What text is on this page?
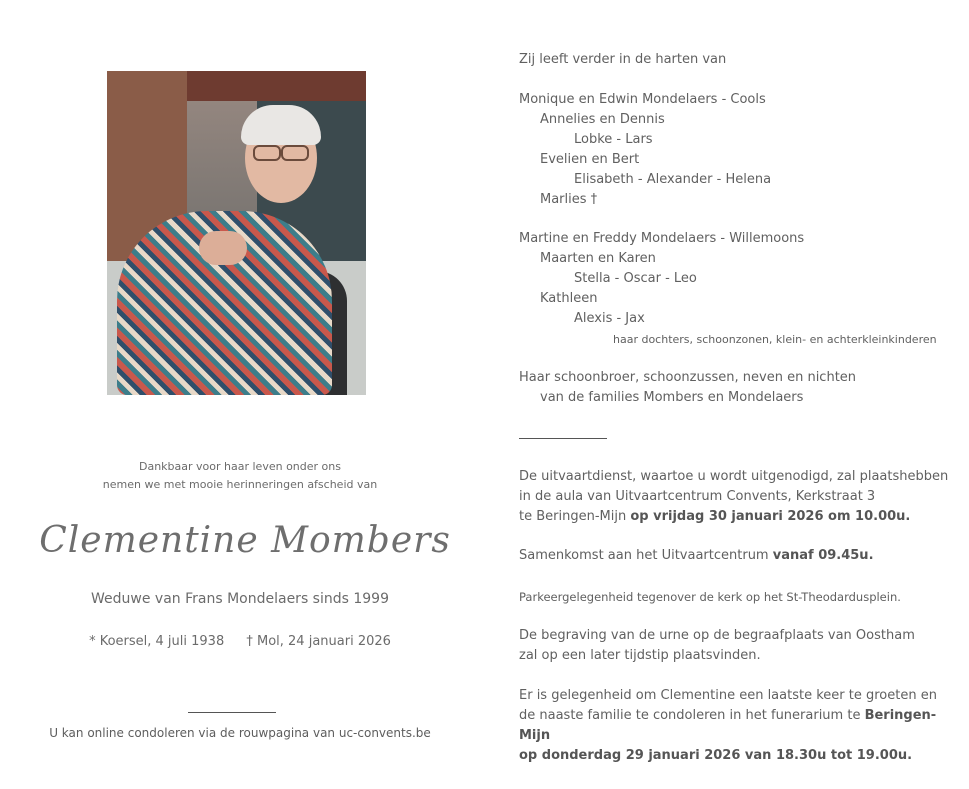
Dankbaar voor haar leven onder ons
nemen we met mooie herinneringen afscheid van
Clementine Mombers
Weduwe van Frans Mondelaers sinds 1999
* Koersel, 4 juli 1938 † Mol, 24 januari 2026
U kan online condoleren via de rouwpagina van uc-convents.be
Zij leeft verder in de harten van
Monique en Edwin Mondelaers - Cools
Annelies en Dennis
Lobke - Lars
Evelien en Bert
Elisabeth - Alexander - Helena
Marlies †
Martine en Freddy Mondelaers - Willemoons
Maarten en Karen
Stella - Oscar - Leo
Kathleen
Alexis - Jax
haar dochters, schoonzonen, klein- en achterkleinkinderen
Haar schoonbroer, schoonzussen, neven en nichten
van de families Mombers en Mondelaers
De uitvaartdienst, waartoe u wordt uitgenodigd, zal plaatshebben
in de aula van Uitvaartcentrum Convents, Kerkstraat 3
te Beringen-Mijn op vrijdag 30 januari 2026 om 10.00u.
Samenkomst aan het Uitvaartcentrum vanaf 09.45u.
Parkeergelegenheid tegenover de kerk op het St-Theodardusplein.
De begraving van de urne op de begraafplaats van Oostham
zal op een later tijdstip plaatsvinden.
Er is gelegenheid om Clementine een laatste keer te groeten en
de naaste familie te condoleren in het funerarium te Beringen-Mijn
op donderdag 29 januari 2026 van 18.30u tot 19.00u.
